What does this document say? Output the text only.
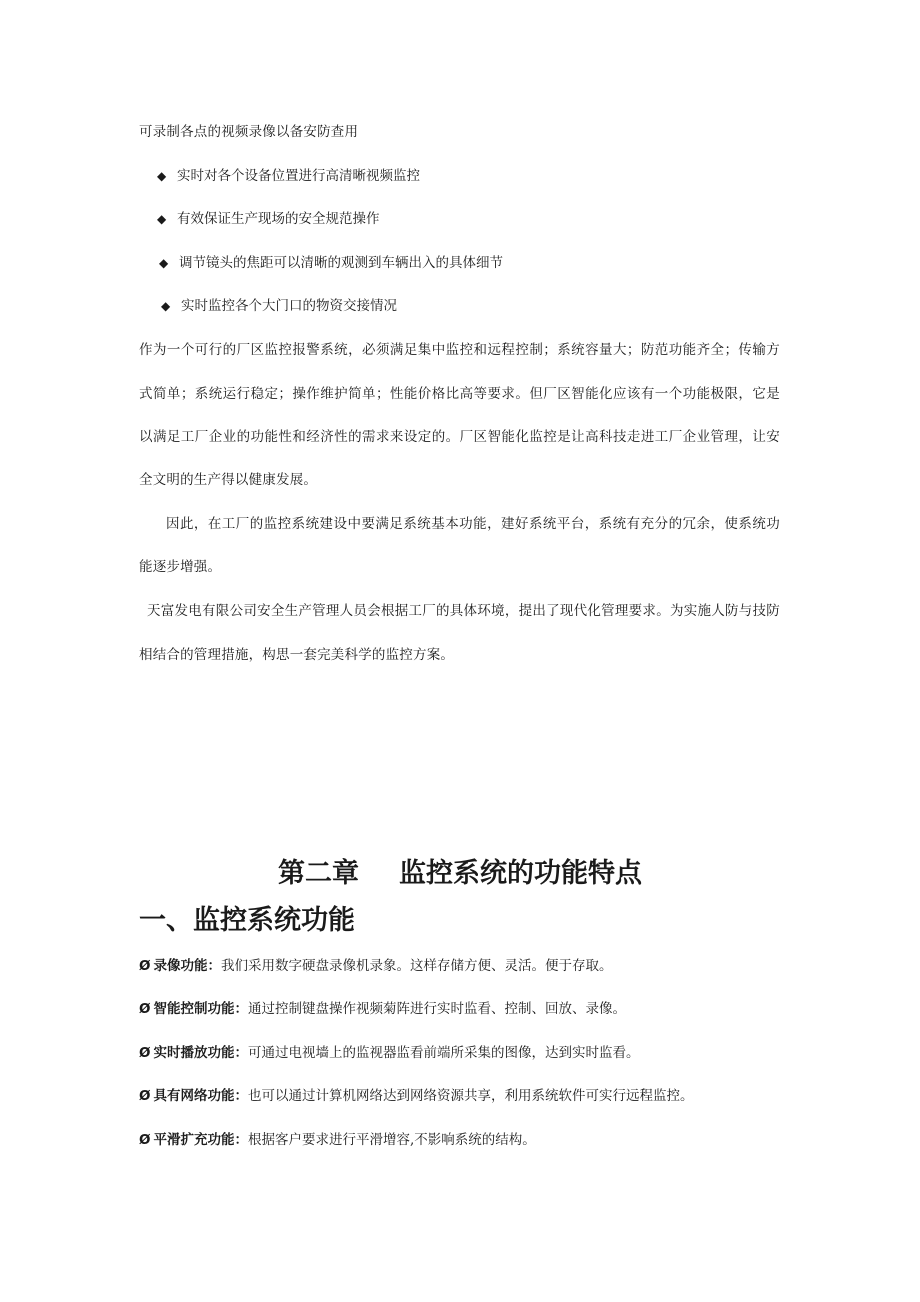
可录制各点的视频录像以备安防查用
◆ 实时对各个设备位置进行高清晰视频监控
◆ 有效保证生产现场的安全规范操作
◆ 调节镜头的焦距可以清晰的观测到车辆出入的具体细节
◆ 实时监控各个大门口的物资交接情况
作为一个可行的厂区监控报警系统，必须满足集中监控和远程控制；系统容量大；防范功能齐全；传输方
式简单；系统运行稳定；操作维护简单；性能价格比高等要求。但厂区智能化应该有一个功能极限，它是
以满足工厂企业的功能性和经济性的需求来设定的。厂区智能化监控是让高科技走进工厂企业管理，让安
全文明的生产得以健康发展。
因此，在工厂的监控系统建设中要满足系统基本功能，建好系统平台，系统有充分的冗余，使系统功
能逐步增强。
天富发电有限公司安全生产管理人员会根据工厂的具体环境，提出了现代化管理要求。为实施人防与技防
相结合的管理措施，构思一套完美科学的监控方案。
第二章 监控系统的功能特点
一、监控系统功能
Ø 录像功能：我们采用数字硬盘录像机录象。这样存储方便、灵活。便于存取。
Ø 智能控制功能：通过控制键盘操作视频菊阵进行实时监看、控制、回放、录像。
Ø 实时播放功能：可通过电视墙上的监视器监看前端所采集的图像，达到实时监看。
Ø 具有网络功能：也可以通过计算机网络达到网络资源共享，利用系统软件可实行远程监控。
Ø 平滑扩充功能：根据客户要求进行平滑增容,不影响系统的结构。
